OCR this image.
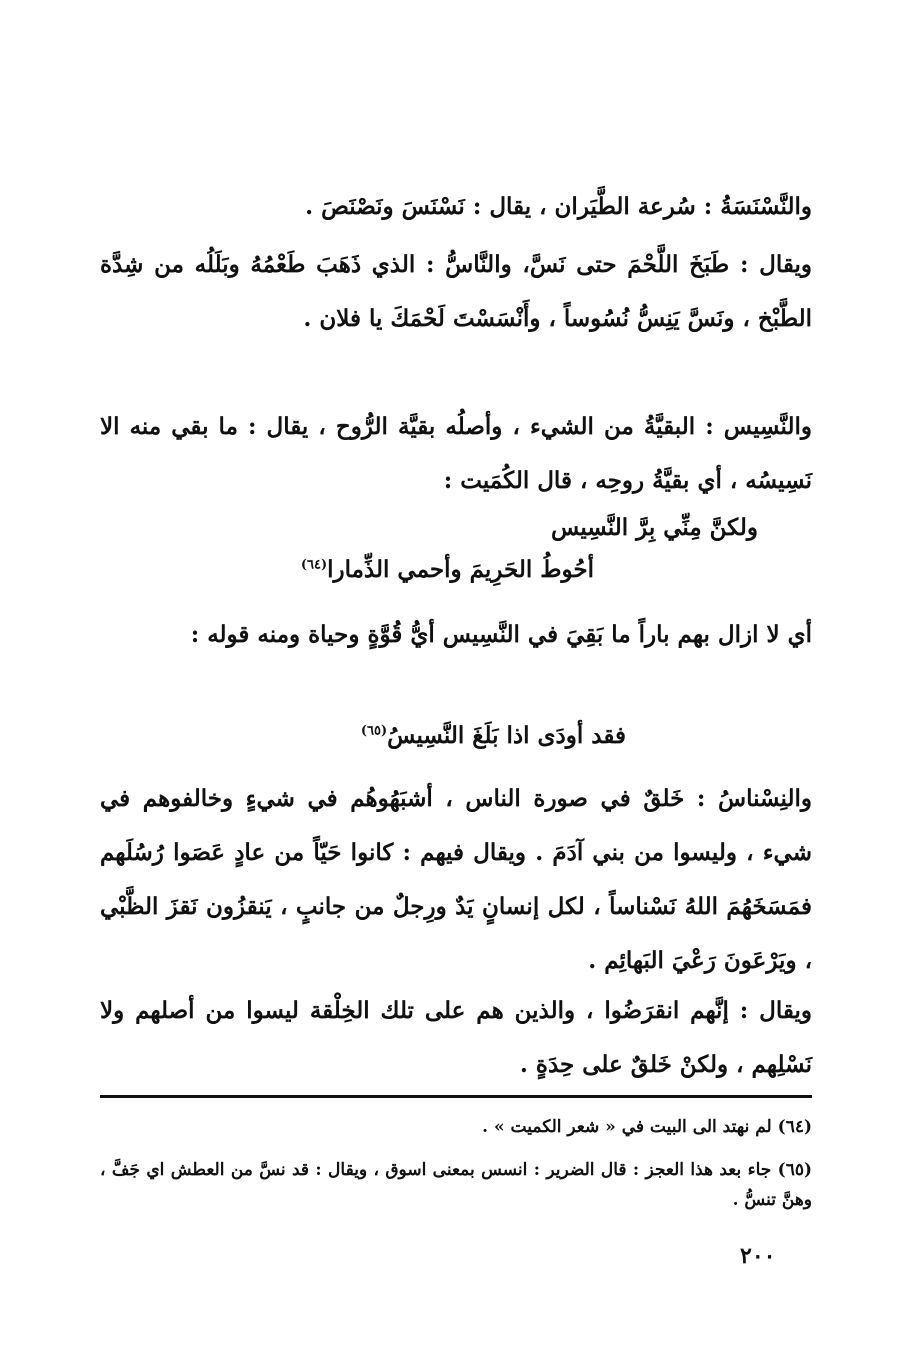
والنَّسْنَسَةُ : سُرعة الطَّيَران ، يقال : نَسْنَسَ ونَصْنَصَ .
ويقال : طَبَخَ اللَّحْمَ حتى نَسَّ، والنَّاسُّ : الذي ذَهَبَ طَعْمُهُ وبَلَلُه من شِدَّة الطَّبْخ ، ونَسَّ يَنِسُّ نُسُوساً ، وأَنْسَسْتَ لَحْمَكَ يا فلان .
والنَّسِيس : البقيَّةُ من الشيء ، وأصلُه بقيَّة الرُّوح ، يقال : ما بقي منه الا نَسِيسُه ، أي بقيَّةُ روحِه ، قال الكُمَيت :
ولكنَّ مِنِّي بِرَّ النَّسِيس
أحُوطُ الحَرِيمَ وأحمي الذِّمارا$^{(٦٤)}$
أي لا ازال بهم باراً ما بَقِيَ في النَّسِيس أيُّ قُوَّةٍ وحياة ومنه قوله :
فقد أودَى اذا بَلَغَ النَّسِيسُ$^{(٦٥)}$
والنِسْناسُ : خَلقٌ في صورة الناس ، أشبَهُوهُم في شيءٍ وخالفوهم في شيء ، وليسوا من بني آدَمَ . ويقال فيهم : كانوا حَيّاً من عادٍ عَصَوا رُسُلَهم فمَسَخَهُمَ اللهُ نَسْناساً ، لكل إنسانٍ يَدٌ ورِجلٌ من جانبٍ ، يَنقزُون نَقزَ الظَّبْي ، ويَرْعَونَ رَعْيَ البَهائِم .
ويقال : إنَّهم انقرَضُوا ، والذين هم على تلك الخِلْقة ليسوا من أصلهم ولا نَسْلِهم ، ولكنْ خَلقٌ على حِدَةٍ .
(٦٤) لم نهتد الى البيت في « شعر الكميت » .
(٦٥) جاء بعد هذا العجز : قال الضرير : انسس بمعنى اسوق ، ويقال : قد نسَّ من العطش اي جَفَّ ، وهنَّ تنسُّ .
٢٠٠
